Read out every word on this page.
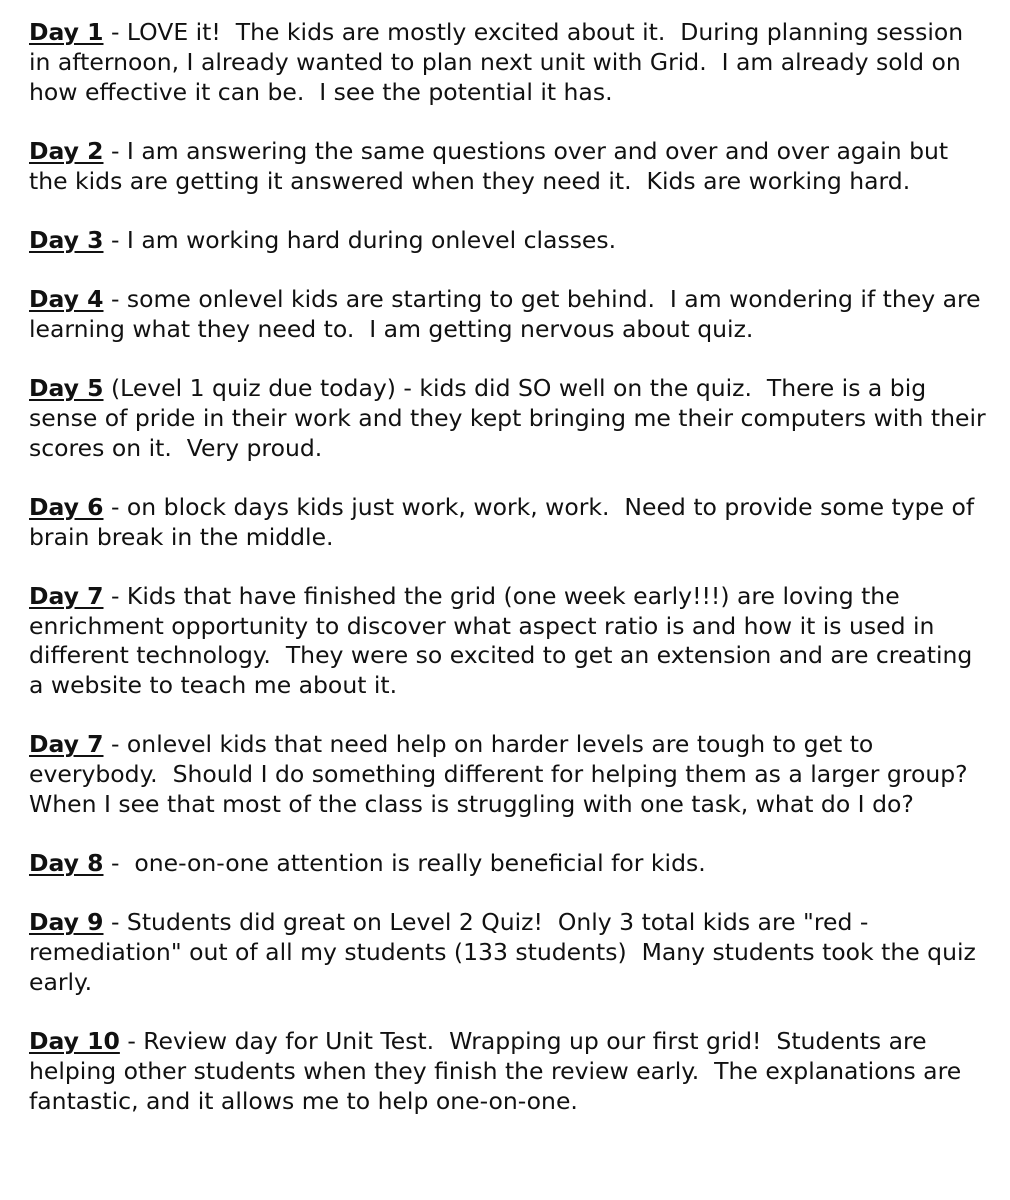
Day 1 - LOVE it!  The kids are mostly excited about it.  During planning session in afternoon, I already wanted to plan next unit with Grid.  I am already sold on how effective it can be.  I see the potential it has.

Day 2 - I am answering the same questions over and over and over again but the kids are getting it answered when they need it.  Kids are working hard.

Day 3 - I am working hard during onlevel classes.

Day 4 - some onlevel kids are starting to get behind.  I am wondering if they are learning what they need to.  I am getting nervous about quiz.

Day 5 (Level 1 quiz due today) - kids did SO well on the quiz.  There is a big sense of pride in their work and they kept bringing me their computers with their scores on it.  Very proud.

Day 6 - on block days kids just work, work, work.  Need to provide some type of brain break in the middle.

Day 7 - Kids that have finished the grid (one week early!!!) are loving the enrichment opportunity to discover what aspect ratio is and how it is used in different technology.  They were so excited to get an extension and are creating a website to teach me about it.

Day 7 - onlevel kids that need help on harder levels are tough to get to everybody.  Should I do something different for helping them as a larger group?  When I see that most of the class is struggling with one task, what do I do?

Day 8 -  one-on-one attention is really beneficial for kids.

Day 9 - Students did great on Level 2 Quiz!  Only 3 total kids are "red - remediation" out of all my students (133 students)  Many students took the quiz early.

Day 10 - Review day for Unit Test.  Wrapping up our first grid!  Students are helping other students when they finish the review early.  The explanations are fantastic, and it allows me to help one-on-one.
